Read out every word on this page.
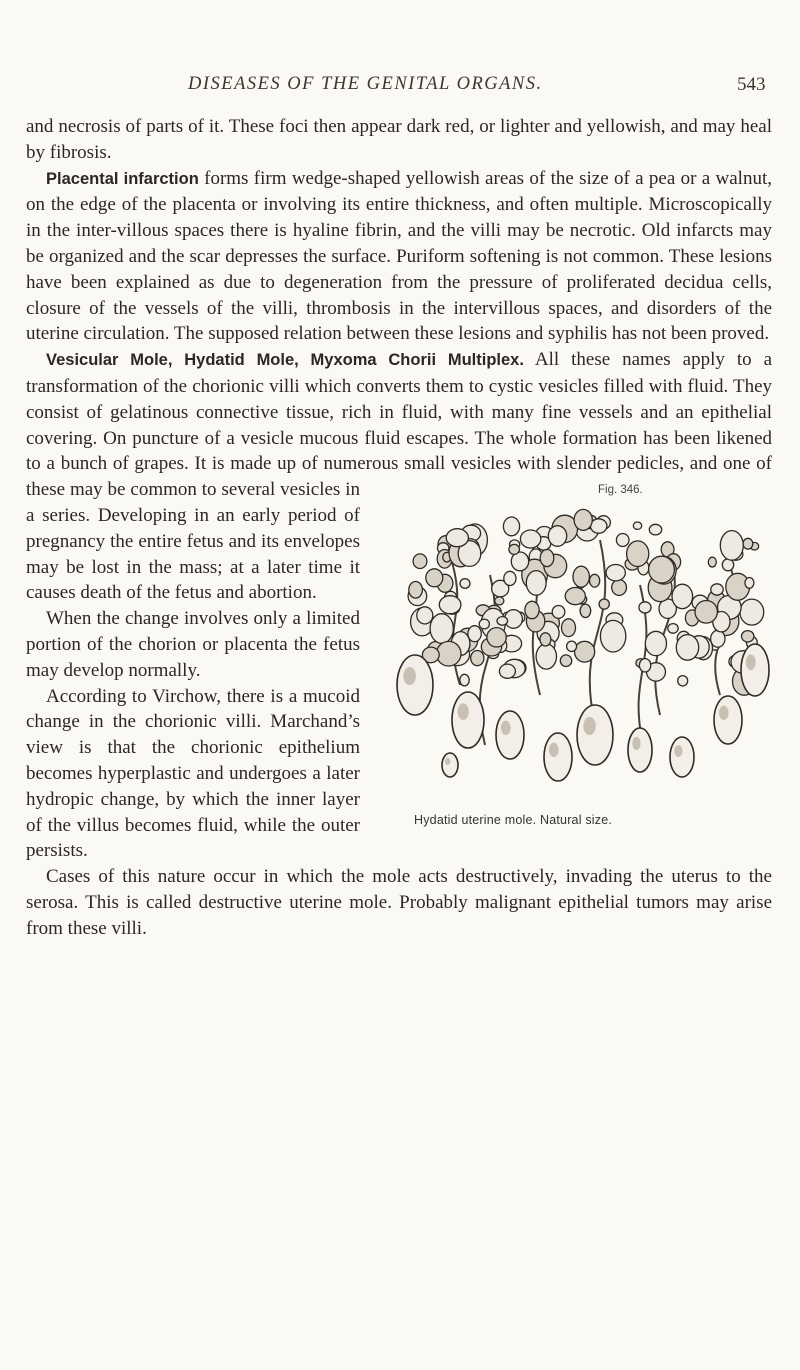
DISEASES OF THE GENITAL ORGANS.	543

and necrosis of parts of it. These foci then appear dark red, or lighter and yellowish, and may heal by fibrosis.

Placental infarction forms firm wedge-shaped yellowish areas of the size of a pea or a walnut, on the edge of the placenta or involving its entire thickness, and often multiple. Microscopically in the inter-villous spaces there is hyaline fibrin, and the villi may be necrotic. Old infarcts may be organized and the scar depresses the surface. Puriform softening is not common. These lesions have been explained as due to degeneration from the pressure of proliferated decidua cells, closure of the vessels of the villi, thrombosis in the intervillous spaces, and disorders of the uterine circulation. The supposed relation between these lesions and syphilis has not been proved.

Vesicular Mole, Hydatid Mole, Myxoma Chorii Multiplex. All these names apply to a transformation of the chorionic villi which converts them to cystic vesicles filled with fluid. They consist of gelatinous connective tissue, rich in fluid, with many fine vessels and an epithelial covering. On puncture of a vesicle mucous fluid escapes. The whole formation has been likened to a bunch of grapes. It is made up of numerous small vesicles with slender pedicles, and one of
Fig. 346.
Hydatid uterine mole. Natural size.
these may be common to several vesicles in a series. Developing in an early period of pregnancy the entire fetus and its envelopes may be lost in the mass; at a later time it causes death of the fetus and abortion.

When the change involves only a limited portion of the chorion or placenta the fetus may develop normally.

According to Virchow, there is a mucoid change in the chorionic villi. Marchand’s view is that the chorionic epithelium becomes hyperplastic and undergoes a later hydropic change, by which the inner layer of the villus becomes fluid, while the outer persists.

Cases of this nature occur in which the mole acts destructively, invading the uterus to the serosa. This is called destructive uterine mole. Probably malignant epithelial tumors may arise from these villi.
